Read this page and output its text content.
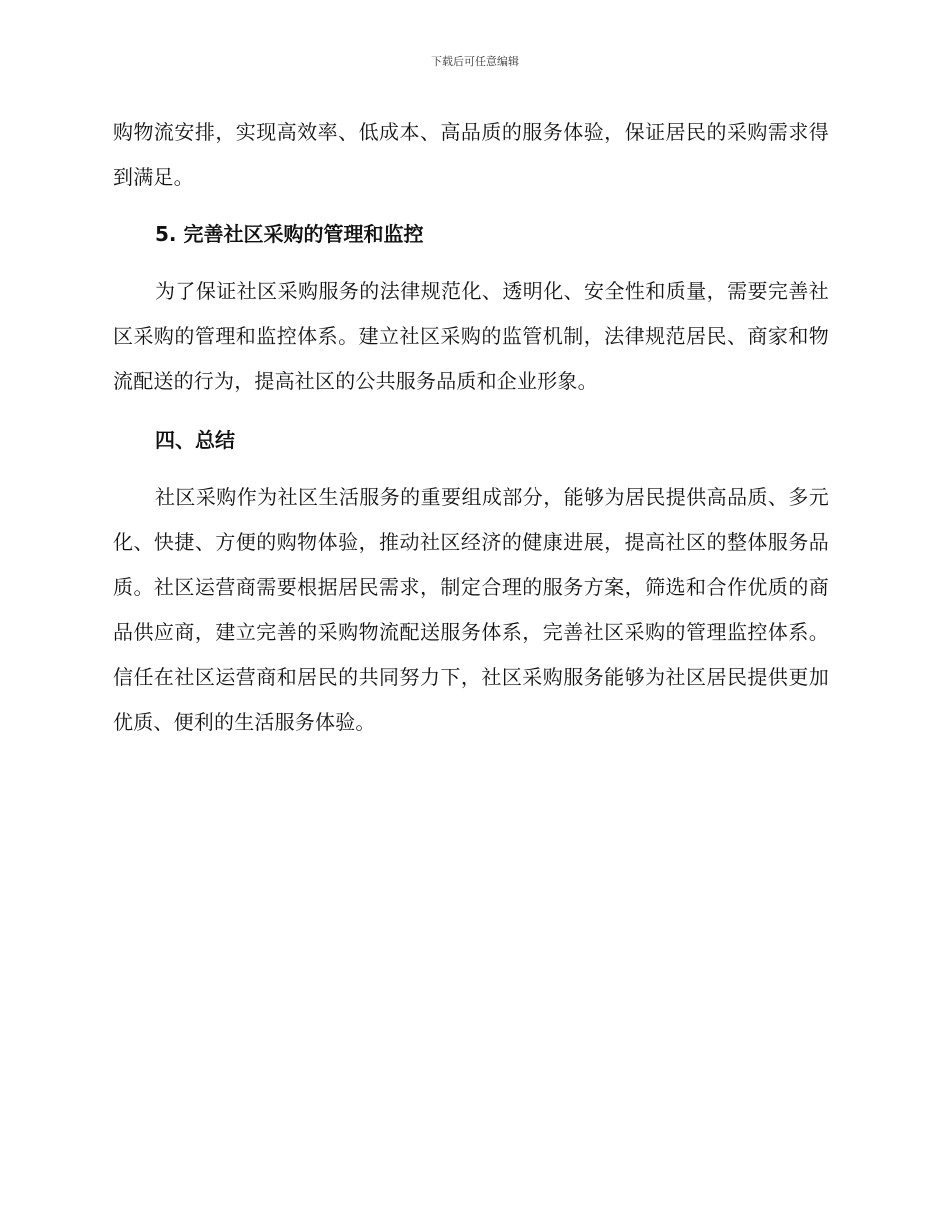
下载后可任意编辑

购物流安排，实现高效率、低成本、高品质的服务体验，保证居民的采购需求得到满足。

5. 完善社区采购的管理和监控

为了保证社区采购服务的法律规范化、透明化、安全性和质量，需要完善社区采购的管理和监控体系。建立社区采购的监管机制，法律规范居民、商家和物流配送的行为，提高社区的公共服务品质和企业形象。

四、总结

社区采购作为社区生活服务的重要组成部分，能够为居民提供高品质、多元化、快捷、方便的购物体验，推动社区经济的健康进展，提高社区的整体服务品质。社区运营商需要根据居民需求，制定合理的服务方案，筛选和合作优质的商品供应商，建立完善的采购物流配送服务体系，完善社区采购的管理监控体系。信任在社区运营商和居民的共同努力下，社区采购服务能够为社区居民提供更加优质、便利的生活服务体验。
